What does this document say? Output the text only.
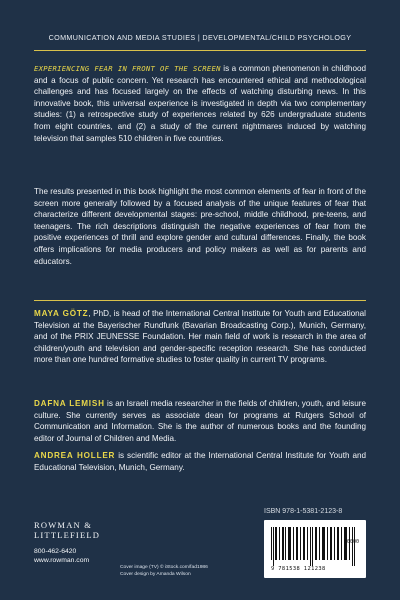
COMMUNICATION AND MEDIA STUDIES | DEVELOPMENTAL/CHILD PSYCHOLOGY
EXPERIENCING FEAR IN FRONT OF THE SCREEN is a common phenomenon in childhood and a focus of public concern. Yet research has encountered ethical and methodological challenges and has focused largely on the effects of watching disturbing news. In this innovative book, this universal experience is investigated in depth via two complementary studies: (1) a retrospective study of experiences related by 626 undergraduate students from eight countries, and (2) a study of the current nightmares induced by watching television that samples 510 children in five countries.
The results presented in this book highlight the most common elements of fear in front of the screen more generally followed by a focused analysis of the unique features of fear that characterize different developmental stages: pre-school, middle childhood, pre-teens, and teenagers. The rich descriptions distinguish the negative experiences of fear from the positive experiences of thrill and explore gender and cultural differences. Finally, the book offers implications for media producers and policy makers as well as for parents and educators.
MAYA GÖTZ, PhD, is head of the International Central Institute for Youth and Educational Television at the Bayerischer Rundfunk (Bavarian Broadcasting Corp.), Munich, Germany, and of the PRIX JEUNESSE Foundation. Her main field of work is research in the area of children/youth and television and gender-specific reception research. She has conducted more than one hundred formative studies to foster quality in current TV programs.
DAFNA LEMISH is an Israeli media researcher in the fields of children, youth, and leisure culture. She currently serves as associate dean for programs at Rutgers School of Communication and Information. She is the author of numerous books and the founding editor of Journal of Children and Media.
ANDREA HOLLER is scientific editor at the International Central Institute for Youth and Educational Television, Munich, Germany.
ROWMAN &
LITTLEFIELD
800-462-6420
www.rowman.com
Cover image (TV) © iStock.com/fad1986
Cover design by Amanda Wilson
ISBN 978-1-5381-2123-8
90000
9 781538 121238
